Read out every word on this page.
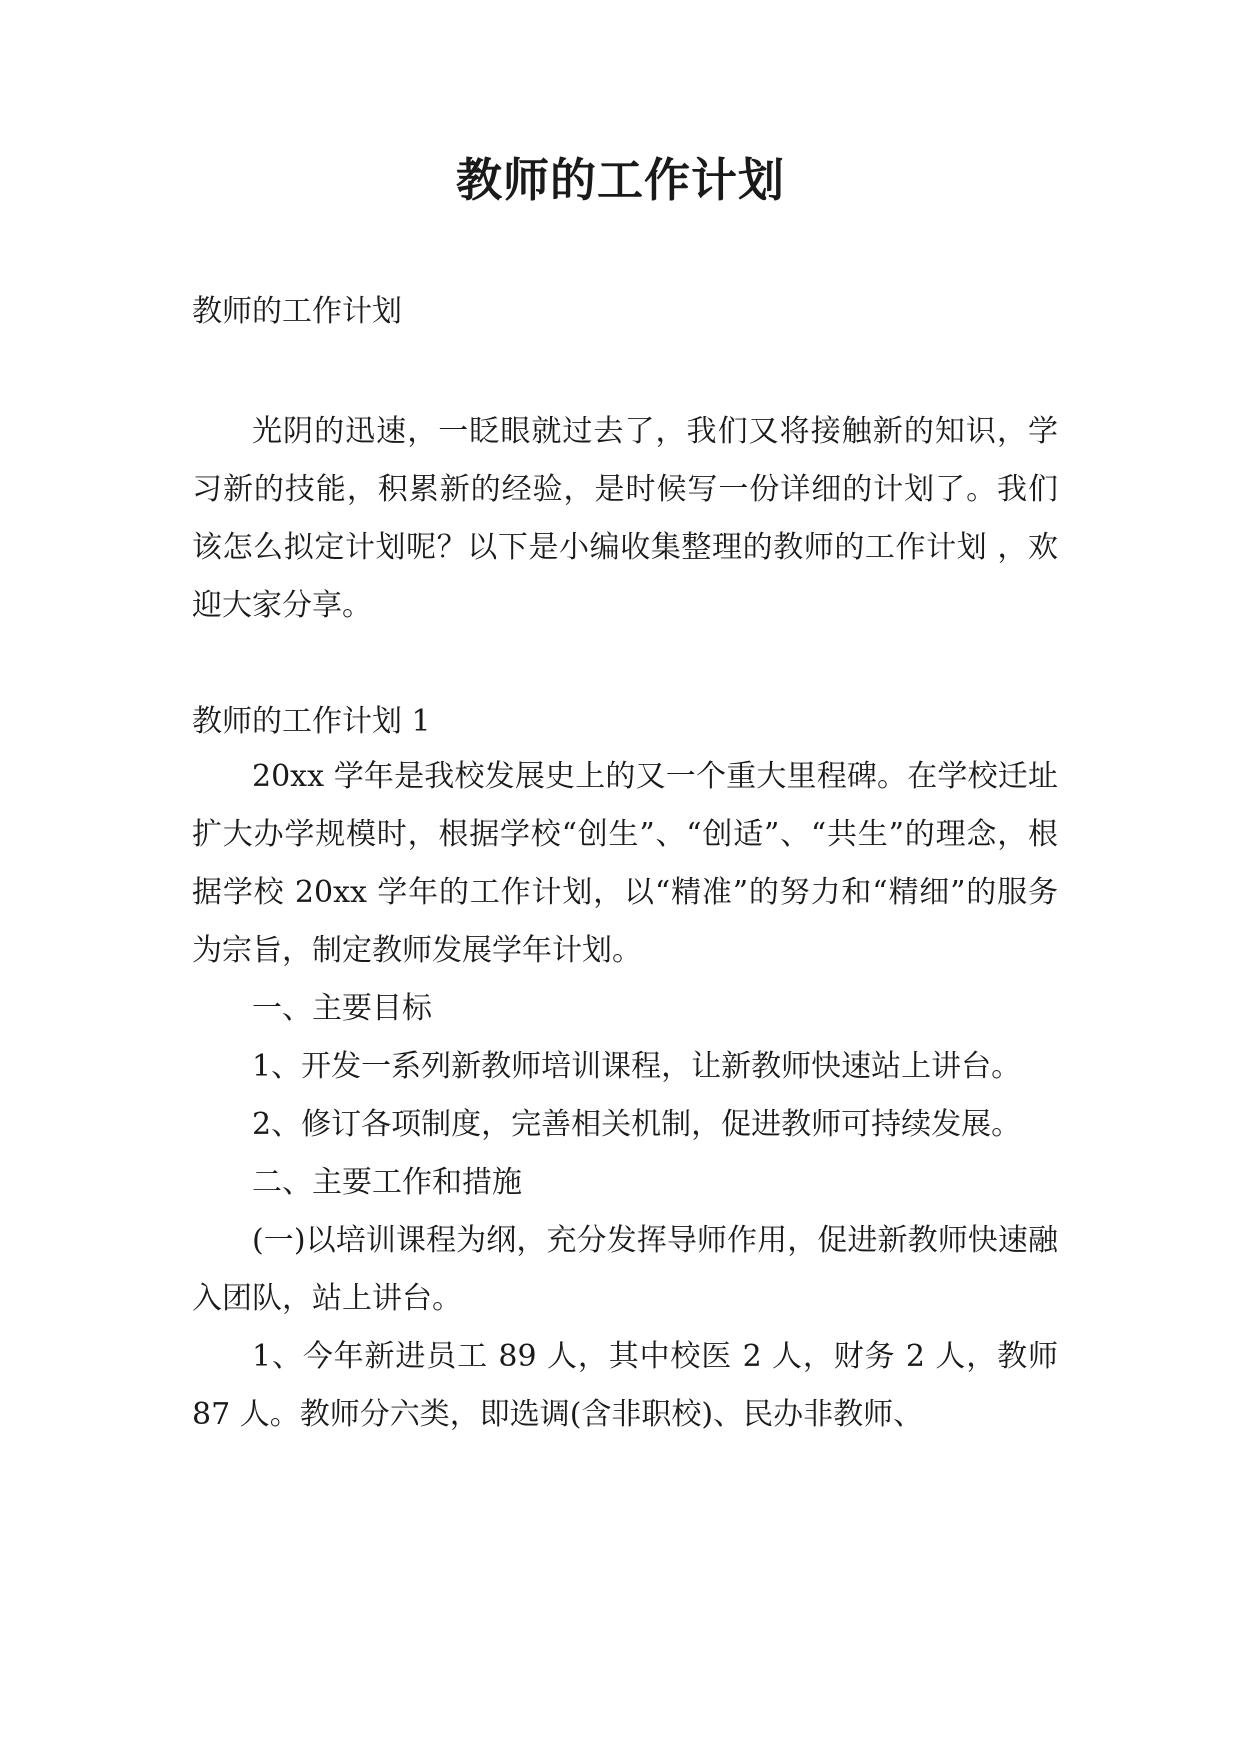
教师的工作计划
教师的工作计划

光阴的迅速，一眨眼就过去了，我们又将接触新的知识，学习新的技能，积累新的经验，是时候写一份详细的计划了。我们该怎么拟定计划呢？以下是小编收集整理的教师的工作计划 ，欢迎大家分享。

教师的工作计划 1

20xx 学年是我校发展史上的又一个重大里程碑。在学校迁址扩大办学规模时，根据学校“创生”、“创适”、“共生”的理念，根据学校 20xx 学年的工作计划，以“精准”的努力和“精细”的服务为宗旨，制定教师发展学年计划。

一、主要目标

1、开发一系列新教师培训课程，让新教师快速站上讲台。

2、修订各项制度，完善相关机制，促进教师可持续发展。

二、主要工作和措施

(一)以培训课程为纲，充分发挥导师作用，促进新教师快速融入团队，站上讲台。

1、今年新进员工 89 人，其中校医 2 人，财务 2 人，教师 87 人。教师分六类，即选调(含非职校)、民办非教师、
